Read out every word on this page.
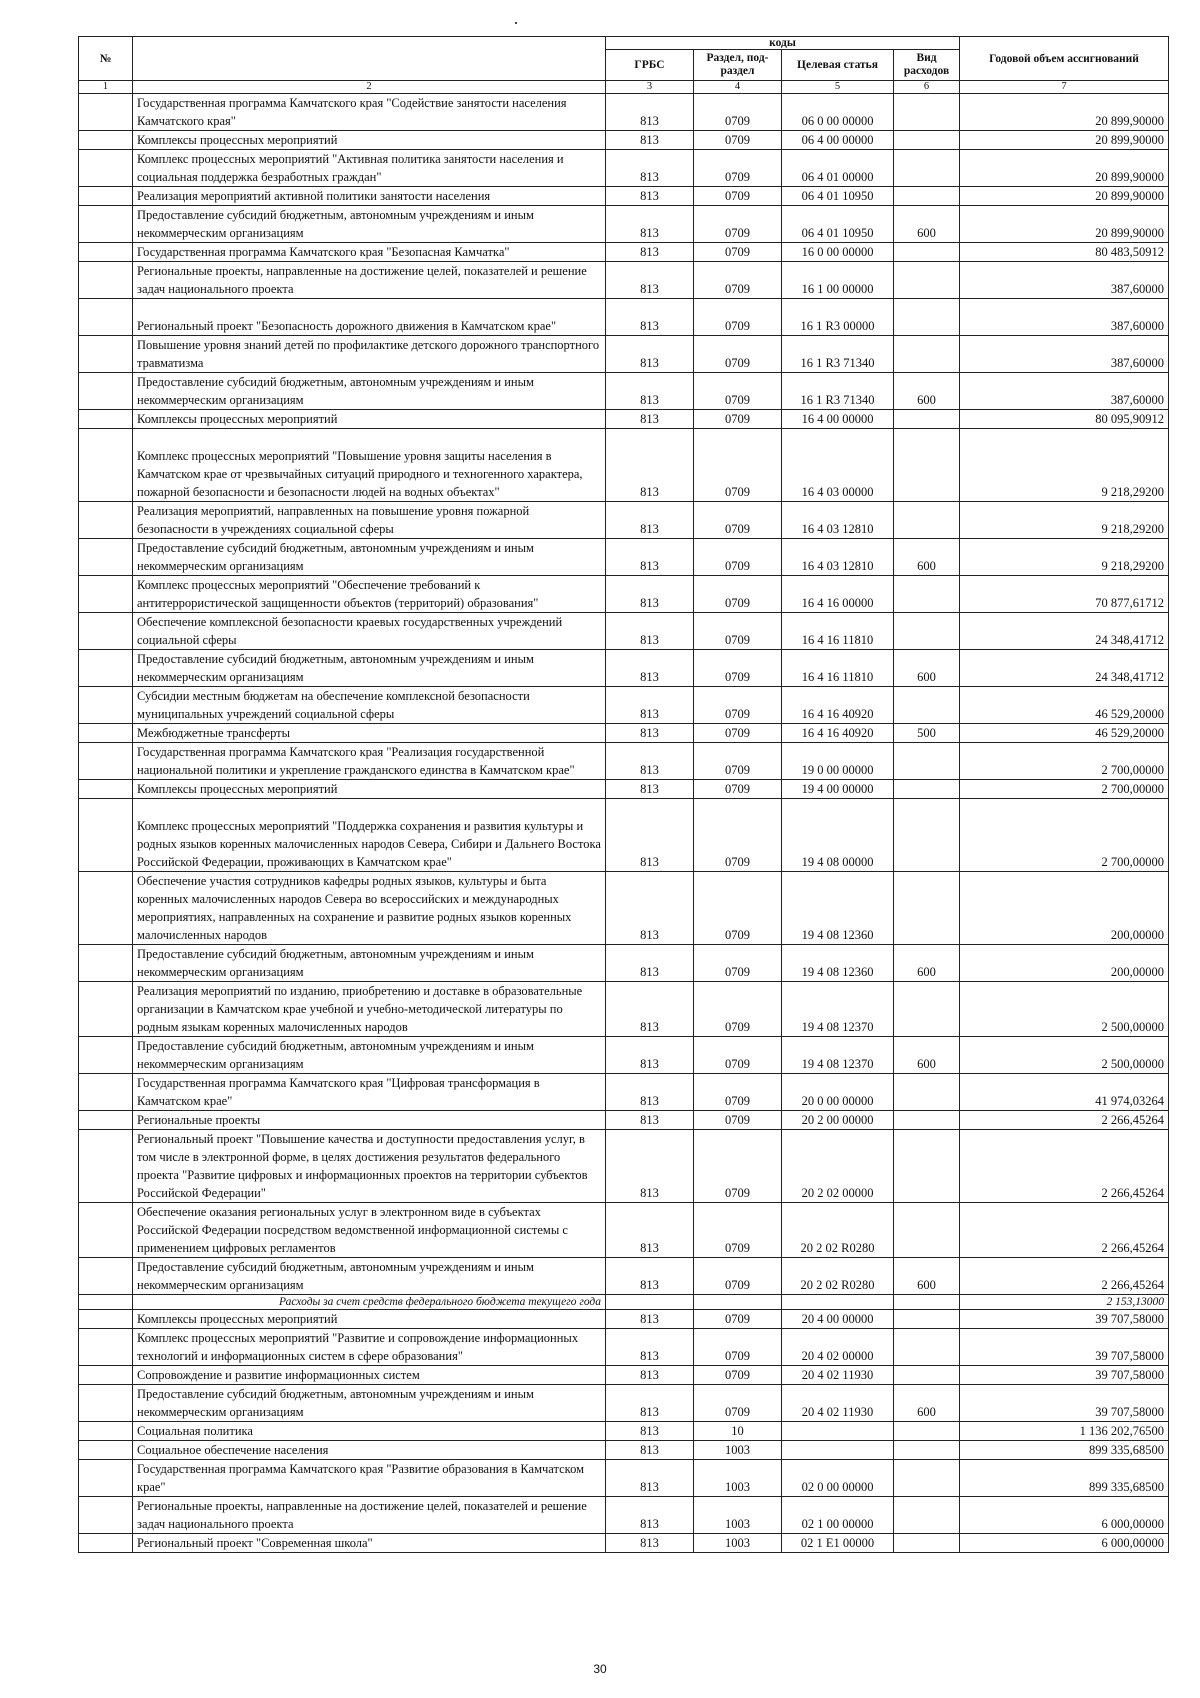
№		коды				Годовой объем ассигнований
		ГРБС	Раздел, под-раздел	Целевая статья	Вид расходов	
1	2	3	4	5	6	7
	Государственная программа Камчатского края "Содействие занятости населения Камчатского края"	813	0709	06 0 00 00000		20 899,90000
	Комплексы процессных мероприятий	813	0709	06 4 00 00000		20 899,90000
	Комплекс процессных мероприятий "Активная политика занятости населения и социальная поддержка безработных граждан"	813	0709	06 4 01 00000		20 899,90000
	Реализация мероприятий активной политики занятости населения	813	0709	06 4 01 10950		20 899,90000
	Предоставление субсидий бюджетным, автономным учреждениям и иным некоммерческим организациям	813	0709	06 4 01 10950	600	20 899,90000
	Государственная программа Камчатского края "Безопасная Камчатка"	813	0709	16 0 00 00000		80 483,50912
	Региональные проекты, направленные на достижение целей, показателей и решение задач национального проекта	813	0709	16 1 00 00000		387,60000
	Региональный проект "Безопасность дорожного движения в Камчатском крае"	813	0709	16 1 R3 00000		387,60000
	Повышение уровня знаний детей по профилактике детского дорожного транспортного травматизма	813	0709	16 1 R3 71340		387,60000
	Предоставление субсидий бюджетным, автономным учреждениям и иным некоммерческим организациям	813	0709	16 1 R3 71340	600	387,60000
	Комплексы процессных мероприятий	813	0709	16 4 00 00000		80 095,90912
	Комплекс процессных мероприятий "Повышение уровня защиты населения в Камчатском крае от чрезвычайных ситуаций природного и техногенного характера, пожарной безопасности и безопасности людей на водных объектах"	813	0709	16 4 03 00000		9 218,29200
	Реализация мероприятий, направленных на повышение уровня пожарной безопасности в учреждениях социальной сферы	813	0709	16 4 03 12810		9 218,29200
	Предоставление субсидий бюджетным, автономным учреждениям и иным некоммерческим организациям	813	0709	16 4 03 12810	600	9 218,29200
	Комплекс процессных мероприятий "Обеспечение требований к антитеррористической защищенности объектов (территорий) образования"	813	0709	16 4 16 00000		70 877,61712
	Обеспечение комплексной безопасности краевых государственных учреждений социальной сферы	813	0709	16 4 16 11810		24 348,41712
	Предоставление субсидий бюджетным, автономным учреждениям и иным некоммерческим организациям	813	0709	16 4 16 11810	600	24 348,41712
	Субсидии местным бюджетам на обеспечение комплексной безопасности муниципальных учреждений социальной сферы	813	0709	16 4 16 40920		46 529,20000
	Межбюджетные трансферты	813	0709	16 4 16 40920	500	46 529,20000
	Государственная программа Камчатского края "Реализация государственной национальной политики и укрепление гражданского единства в Камчатском крае"	813	0709	19 0 00 00000		2 700,00000
	Комплексы процессных мероприятий	813	0709	19 4 00 00000		2 700,00000
	Комплекс процессных мероприятий "Поддержка сохранения и развития культуры и родных языков коренных малочисленных народов Севера, Сибири и Дальнего Востока Российской Федерации, проживающих в Камчатском крае"	813	0709	19 4 08 00000		2 700,00000
	Обеспечение участия сотрудников кафедры родных языков, культуры и быта коренных малочисленных народов Севера во всероссийских и международных мероприятиях, направленных на сохранение и развитие родных языков коренных малочисленных народов	813	0709	19 4 08 12360		200,00000
	Предоставление субсидий бюджетным, автономным учреждениям и иным некоммерческим организациям	813	0709	19 4 08 12360	600	200,00000
	Реализация мероприятий по изданию, приобретению и доставке в образовательные организации в Камчатском крае учебной и учебно-методической литературы по родным языкам коренных малочисленных народов	813	0709	19 4 08 12370		2 500,00000
	Предоставление субсидий бюджетным, автономным учреждениям и иным некоммерческим организациям	813	0709	19 4 08 12370	600	2 500,00000
	Государственная программа Камчатского края "Цифровая трансформация в Камчатском крае"	813	0709	20 0 00 00000		41 974,03264
	Региональные проекты	813	0709	20 2 00 00000		2 266,45264
	Региональный проект "Повышение качества и доступности предоставления услуг, в том числе в электронной форме, в целях достижения результатов федерального проекта "Развитие цифровых и информационных проектов на территории субъектов Российской Федерации"	813	0709	20 2 02 00000		2 266,45264
	Обеспечение оказания региональных услуг в электронном виде в субъектах Российской Федерации посредством ведомственной информационной системы с применением цифровых регламентов	813	0709	20 2 02 R0280		2 266,45264
	Предоставление субсидий бюджетным, автономным учреждениям и иным некоммерческим организациям	813	0709	20 2 02 R0280	600	2 266,45264
	Расходы за счет средств федерального бюджета текущего года					2 153,13000
	Комплексы процессных мероприятий	813	0709	20 4 00 00000		39 707,58000
	Комплекс процессных мероприятий "Развитие и сопровождение информационных технологий и информационных систем в сфере образования"	813	0709	20 4 02 00000		39 707,58000
	Сопровождение и развитие информационных систем	813	0709	20 4 02 11930		39 707,58000
	Предоставление субсидий бюджетным, автономным учреждениям и иным некоммерческим организациям	813	0709	20 4 02 11930	600	39 707,58000
	Социальная политика	813	10			1 136 202,76500
	Социальное обеспечение населения	813	1003			899 335,68500
	Государственная программа Камчатского края "Развитие образования в Камчатском крае"	813	1003	02 0 00 00000		899 335,68500
	Региональные проекты, направленные на достижение целей, показателей и решение задач национального проекта	813	1003	02 1 00 00000		6 000,00000
	Региональный проект "Современная школа"	813	1003	02 1 E1 00000		6 000,00000
30
